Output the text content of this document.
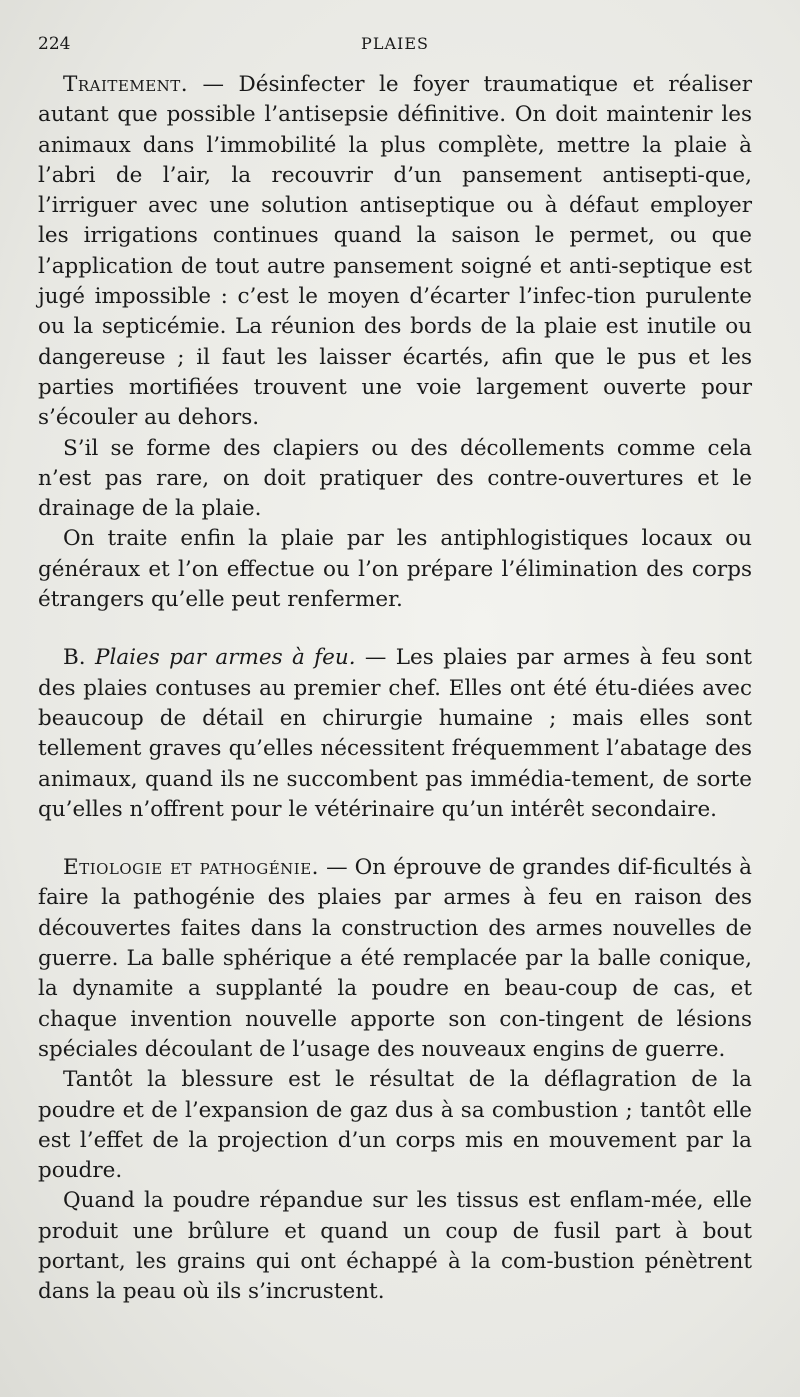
224	PLAIES

Traitement. — Désinfecter le foyer traumatique et réaliser autant que possible l’antisepsie définitive. On doit maintenir les animaux dans l’immobilité la plus complète, mettre la plaie à l’abri de l’air, la recouvrir d’un pansement antisepti-que, l’irriguer avec une solution antiseptique ou à défaut employer les irrigations continues quand la saison le permet, ou que l’application de tout autre pansement soigné et anti-septique est jugé impossible : c’est le moyen d’écarter l’infec-tion purulente ou la septicémie. La réunion des bords de la plaie est inutile ou dangereuse ; il faut les laisser écartés, afin que le pus et les parties mortifiées trouvent une voie largement ouverte pour s’écouler au dehors.

S’il se forme des clapiers ou des décollements comme cela n’est pas rare, on doit pratiquer des contre-ouvertures et le drainage de la plaie.

On traite enfin la plaie par les antiphlogistiques locaux ou généraux et l’on effectue ou l’on prépare l’élimination des corps étrangers qu’elle peut renfermer.

B. Plaies par armes à feu. — Les plaies par armes à feu sont des plaies contuses au premier chef. Elles ont été étu-diées avec beaucoup de détail en chirurgie humaine ; mais elles sont tellement graves qu’elles nécessitent fréquemment l’abatage des animaux, quand ils ne succombent pas immédia-tement, de sorte qu’elles n’offrent pour le vétérinaire qu’un intérêt secondaire.

Etiologie et pathogénie. — On éprouve de grandes dif-ficultés à faire la pathogénie des plaies par armes à feu en raison des découvertes faites dans la construction des armes nouvelles de guerre. La balle sphérique a été remplacée par la balle conique, la dynamite a supplanté la poudre en beau-coup de cas, et chaque invention nouvelle apporte son con-tingent de lésions spéciales découlant de l’usage des nouveaux engins de guerre.

Tantôt la blessure est le résultat de la déflagration de la poudre et de l’expansion de gaz dus à sa combustion ; tantôt elle est l’effet de la projection d’un corps mis en mouvement par la poudre.

Quand la poudre répandue sur les tissus est enflam-mée, elle produit une brûlure et quand un coup de fusil part à bout portant, les grains qui ont échappé à la com-bustion pénètrent dans la peau où ils s’incrustent.
